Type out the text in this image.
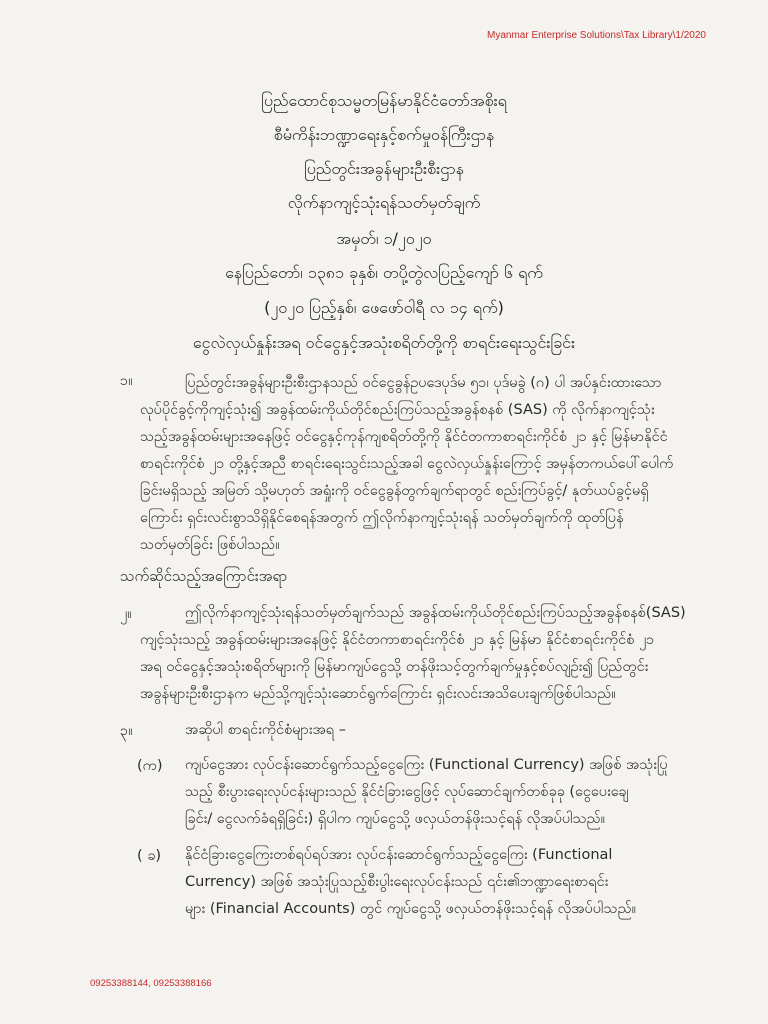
Myanmar Enterprise Solutions\Tax Library\1/2020
ပြည်ထောင်စုသမ္မတမြန်မာနိုင်ငံတော်အစိုးရ
စီမံကိန်းဘဏ္ဍာရေးနှင့်စက်မှုဝန်ကြီးဌာန
ပြည်တွင်းအခွန်များဦးစီးဌာန
လိုက်နာကျင့်သုံးရန်သတ်မှတ်ချက်
အမှတ်၊ ၁/၂၀၂၀
နေပြည်တော်၊ ၁၃၈၁ ခုနှစ်၊ တပို့တွဲလပြည့်ကျော် ၆ ရက်
(၂၀၂၀ ပြည့်နှစ်၊ ဖေဖော်ဝါရီ လ ၁၄ ရက်)
ငွေလဲလှယ်နှုန်းအရ ဝင်ငွေနှင့်အသုံးစရိတ်တို့ကို စာရင်းရေးသွင်းခြင်း
၁။	ပြည်တွင်းအခွန်များဦးစီးဌာနသည် ဝင်ငွေခွန်ဥပဒေပုဒ်မ ၅၁၊ ပုဒ်မခွဲ (ဂ) ပါ အပ်နှင်းထားသော
လုပ်ပိုင်ခွင့်ကိုကျင့်သုံး၍ အခွန်ထမ်းကိုယ်တိုင်စည်းကြပ်သည့်အခွန်စနစ် (SAS) ကို လိုက်နာကျင့်သုံး
သည့်အခွန်ထမ်းများအနေဖြင့် ဝင်ငွေနှင့်ကုန်ကျစရိတ်တို့ကို နိုင်ငံတကာစာရင်းကိုင်စံ ၂၁ နှင့် မြန်မာနိုင်ငံ
စာရင်းကိုင်စံ ၂၁ တို့နှင့်အညီ စာရင်းရေးသွင်းသည့်အခါ ငွေလဲလှယ်နှုန်းကြောင့် အမှန်တကယ်ပေါ်ပေါက်
ခြင်းမရှိသည့် အမြတ် သို့မဟုတ် အရှုံးကို ဝင်ငွေခွန်တွက်ချက်ရာတွင် စည်းကြပ်ခွင့်/ နုတ်ယပ်ခွင့်မရှိ
ကြောင်း ရှင်းလင်းစွာသိရှိနိုင်စေရန်အတွက် ဤလိုက်နာကျင့်သုံးရန် သတ်မှတ်ချက်ကို ထုတ်ပြန်
သတ်မှတ်ခြင်း ဖြစ်ပါသည်။
သက်ဆိုင်သည့်အကြောင်းအရာ
၂။	ဤလိုက်နာကျင့်သုံးရန်သတ်မှတ်ချက်သည် အခွန်ထမ်းကိုယ်တိုင်စည်းကြပ်သည့်အခွန်စနစ်(SAS)
ကျင့်သုံးသည့် အခွန်ထမ်းများအနေဖြင့် နိုင်ငံတကာစာရင်းကိုင်စံ ၂၁ နှင့် မြန်မာ နိုင်ငံစာရင်းကိုင်စံ ၂၁
အရ ဝင်ငွေနှင့်အသုံးစရိတ်များကို မြန်မာကျပ်ငွေသို့ တန်ဖိုးသင့်တွက်ချက်မှုနှင့်စပ်လျဉ်း၍ ပြည်တွင်း
အခွန်များဦးစီးဌာနက မည်သို့ကျင့်သုံးဆောင်ရွက်ကြောင်း ရှင်းလင်းအသိပေးချက်ဖြစ်ပါသည်။
၃။	အဆိုပါ စာရင်းကိုင်စံများအရ –
(က) ကျပ်ငွေအား လုပ်ငန်းဆောင်ရွက်သည့်ငွေကြေး (Functional Currency) အဖြစ် အသုံးပြု
သည့် စီးပွားရေးလုပ်ငန်းများသည် နိုင်ငံခြားငွေဖြင့် လုပ်ဆောင်ချက်တစ်ခုခု (ငွေပေးချေ
ခြင်း/ ငွေလက်ခံရရှိခြင်း) ရှိပါက ကျပ်ငွေသို့ ဖလှယ်တန်ဖိုးသင့်ရန် လိုအပ်ပါသည်။
( ခ) နိုင်ငံခြားငွေကြေးတစ်ရပ်ရပ်အား လုပ်ငန်းဆောင်ရွက်သည့်ငွေကြေး (Functional
Currency) အဖြစ် အသုံးပြုသည့်စီးပွါးရေးလုပ်ငန်းသည် ၎င်း၏ဘဏ္ဍာရေးစာရင်း
များ (Financial Accounts) တွင် ကျပ်ငွေသို့ ဖလှယ်တန်ဖိုးသင့်ရန် လိုအပ်ပါသည်။
09253388144, 09253388166
